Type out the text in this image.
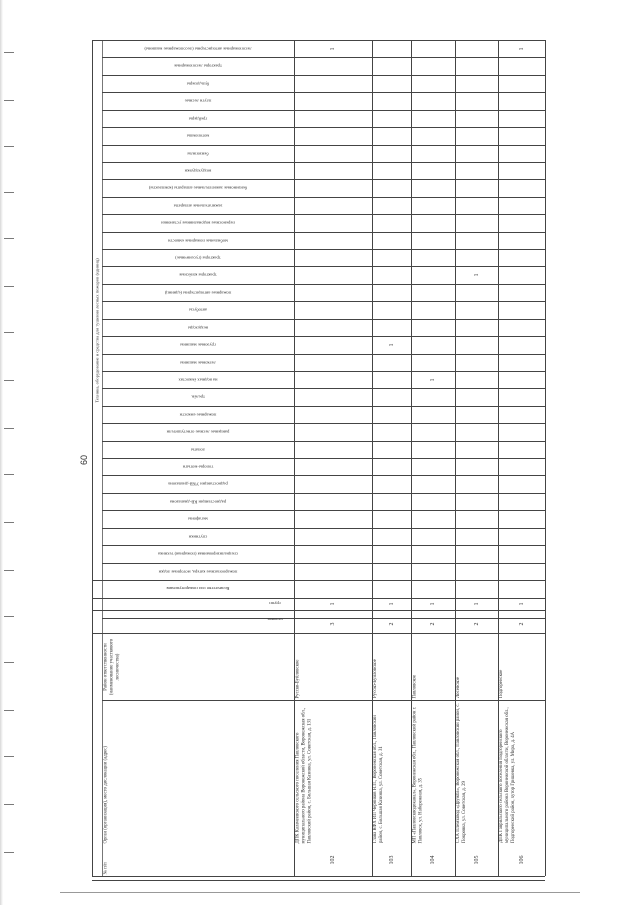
60
Техника, оборудование и средства для тушения лесных пожаров (единиц)
лесопожарные автоцистерны (лесопожарные машины)
тракторы лесопожарные
бульдозеры
плуги лесные
грейдеры
мотопомпы
бензопилы
воздуходувки
бензиновые зажигательные аппараты (комплекты)
зажигательные аппараты
переносные водоналивные установки
мобильные пожарные емкости
тракторы (гусеничные)
тракторы колёсные
пожарные автоцистерны (единиц)
автобусы
вездеходы
грузовые машины
легковые машины
на водных ёмкостях
трелёв.
пожарные емкости
ранцевые лесные огнетушители
лопаты
топоры-мотыги
радиостанции УКВ-диапазона
радиостанции КВ-диапазона
мегафоны
спутники
специализированная (пожарная) техника
пожароопасные катера, моторные лодки
Количество сил пожаротушения
групп
человек
Район ответственности (наименование участкового лесничества)
Орган (организация), место дислокации (адрес)
№ п/п
ДПК Калачеевского сельского поселения Павловского муниципального района Воронежской области, Воронежская обл., Павловский район, с. Большая Казинка, ул. Советская, д. 131
Русско-Буйловское
102
3
1
1
Глава КФХ ИП Черников Н.П., Воронежская обл., Павловский район, с. Большая Казинка, ул. Советская, д. 31
Русско-Буйловское
103
2
1
1
МП «Павловскводоканал», Воронежская обл., Павловский район г. Павловск, ул. Набережная, д. 35
Павловское
104
2
1
1
СХА Племзавод «Дружба», Воронежская обл., Павловский район, с. Покровка, ул. Советская, д. 29
Лосевское
105
2
1
1
ДПК Гаврильского сельского поселения Подгоренского муниципального района Воронежской области, Воронежская обл., Подгоренский район, хутор Гришевка, ул. Мира, д. 4А
Подгоренское
106
2
1
1
